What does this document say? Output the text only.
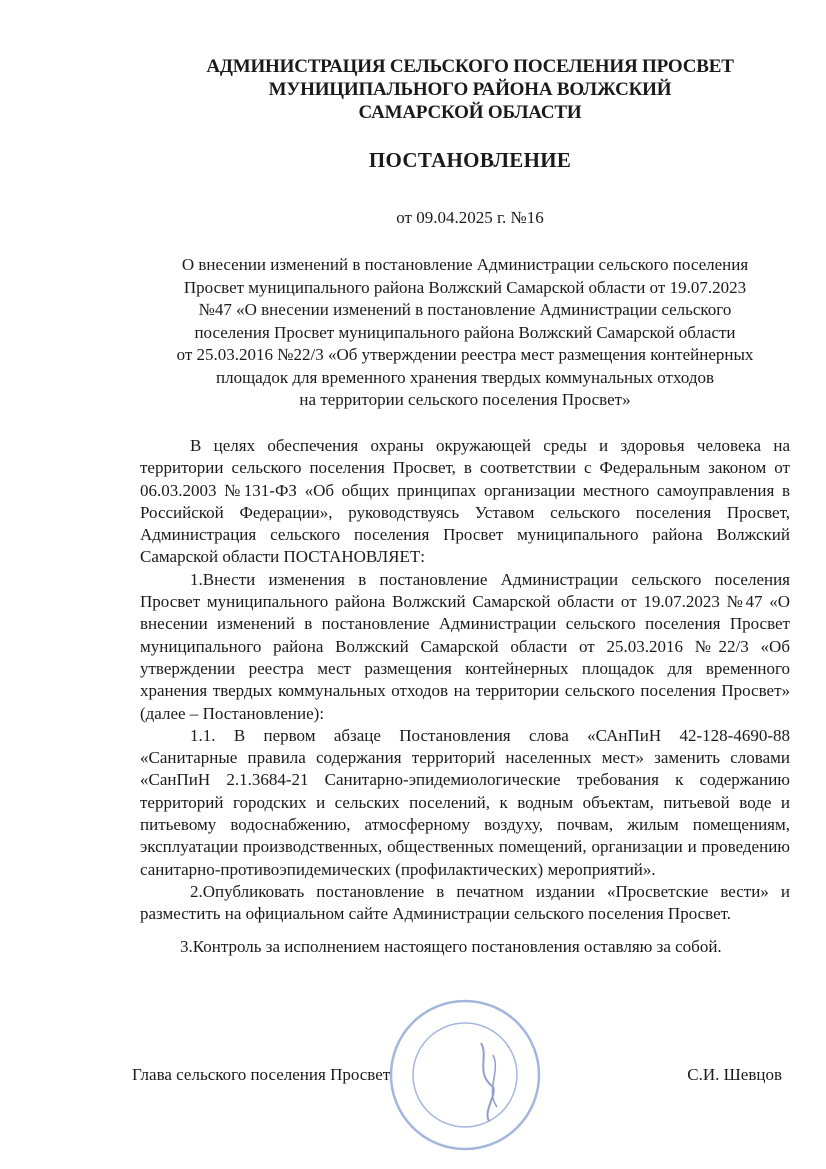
АДМИНИСТРАЦИЯ СЕЛЬСКОГО ПОСЕЛЕНИЯ ПРОСВЕТ
МУНИЦИПАЛЬНОГО РАЙОНА ВОЛЖСКИЙ
САМАРСКОЙ ОБЛАСТИ
ПОСТАНОВЛЕНИЕ
от 09.04.2025 г. №16
О внесении изменений в постановление Администрации сельского поселения
Просвет муниципального района Волжский Самарской области от 19.07.2023
№47 «О внесении изменений в постановление Администрации сельского
поселения Просвет муниципального района Волжский Самарской области
от 25.03.2016 №22/3 «Об утверждении реестра мест размещения контейнерных
площадок для временного хранения твердых коммунальных отходов
на территории сельского поселения Просвет»

В целях обеспечения охраны окружающей среды и здоровья человека на территории сельского поселения Просвет, в соответствии с Федеральным законом от 06.03.2003 №131-ФЗ «Об общих принципах организации местного самоуправления в Российской Федерации», руководствуясь Уставом сельского поселения Просвет, Администрация сельского поселения Просвет муниципального района Волжский Самарской области ПОСТАНОВЛЯЕТ:

1.Внести изменения в постановление Администрации сельского поселения Просвет муниципального района Волжский Самарской области от 19.07.2023 №47 «О внесении изменений в постановление Администрации сельского поселения Просвет муниципального района Волжский Самарской области от 25.03.2016 №22/3 «Об утверждении реестра мест размещения контейнерных площадок для временного хранения твердых коммунальных отходов на территории сельского поселения Просвет» (далее – Постановление):

1.1. В первом абзаце Постановления слова «САнПиН 42-128-4690-88 «Санитарные правила содержания территорий населенных мест» заменить словами «СанПиН 2.1.3684-21 Санитарно-эпидемиологические требования к содержанию территорий городских и сельских поселений, к водным объектам, питьевой воде и питьевому водоснабжению, атмосферному воздуху, почвам, жилым помещениям, эксплуатации производственных, общественных помещений, организации и проведению санитарно-противоэпидемических (профилактических) мероприятий».

2.Опубликовать постановление в печатном издании «Просветские вести» и разместить на официальном сайте Администрации сельского поселения Просвет.

3.Контроль за исполнением настоящего постановления оставляю за собой.

Глава сельского поселения Просвет	С.И. Шевцов
